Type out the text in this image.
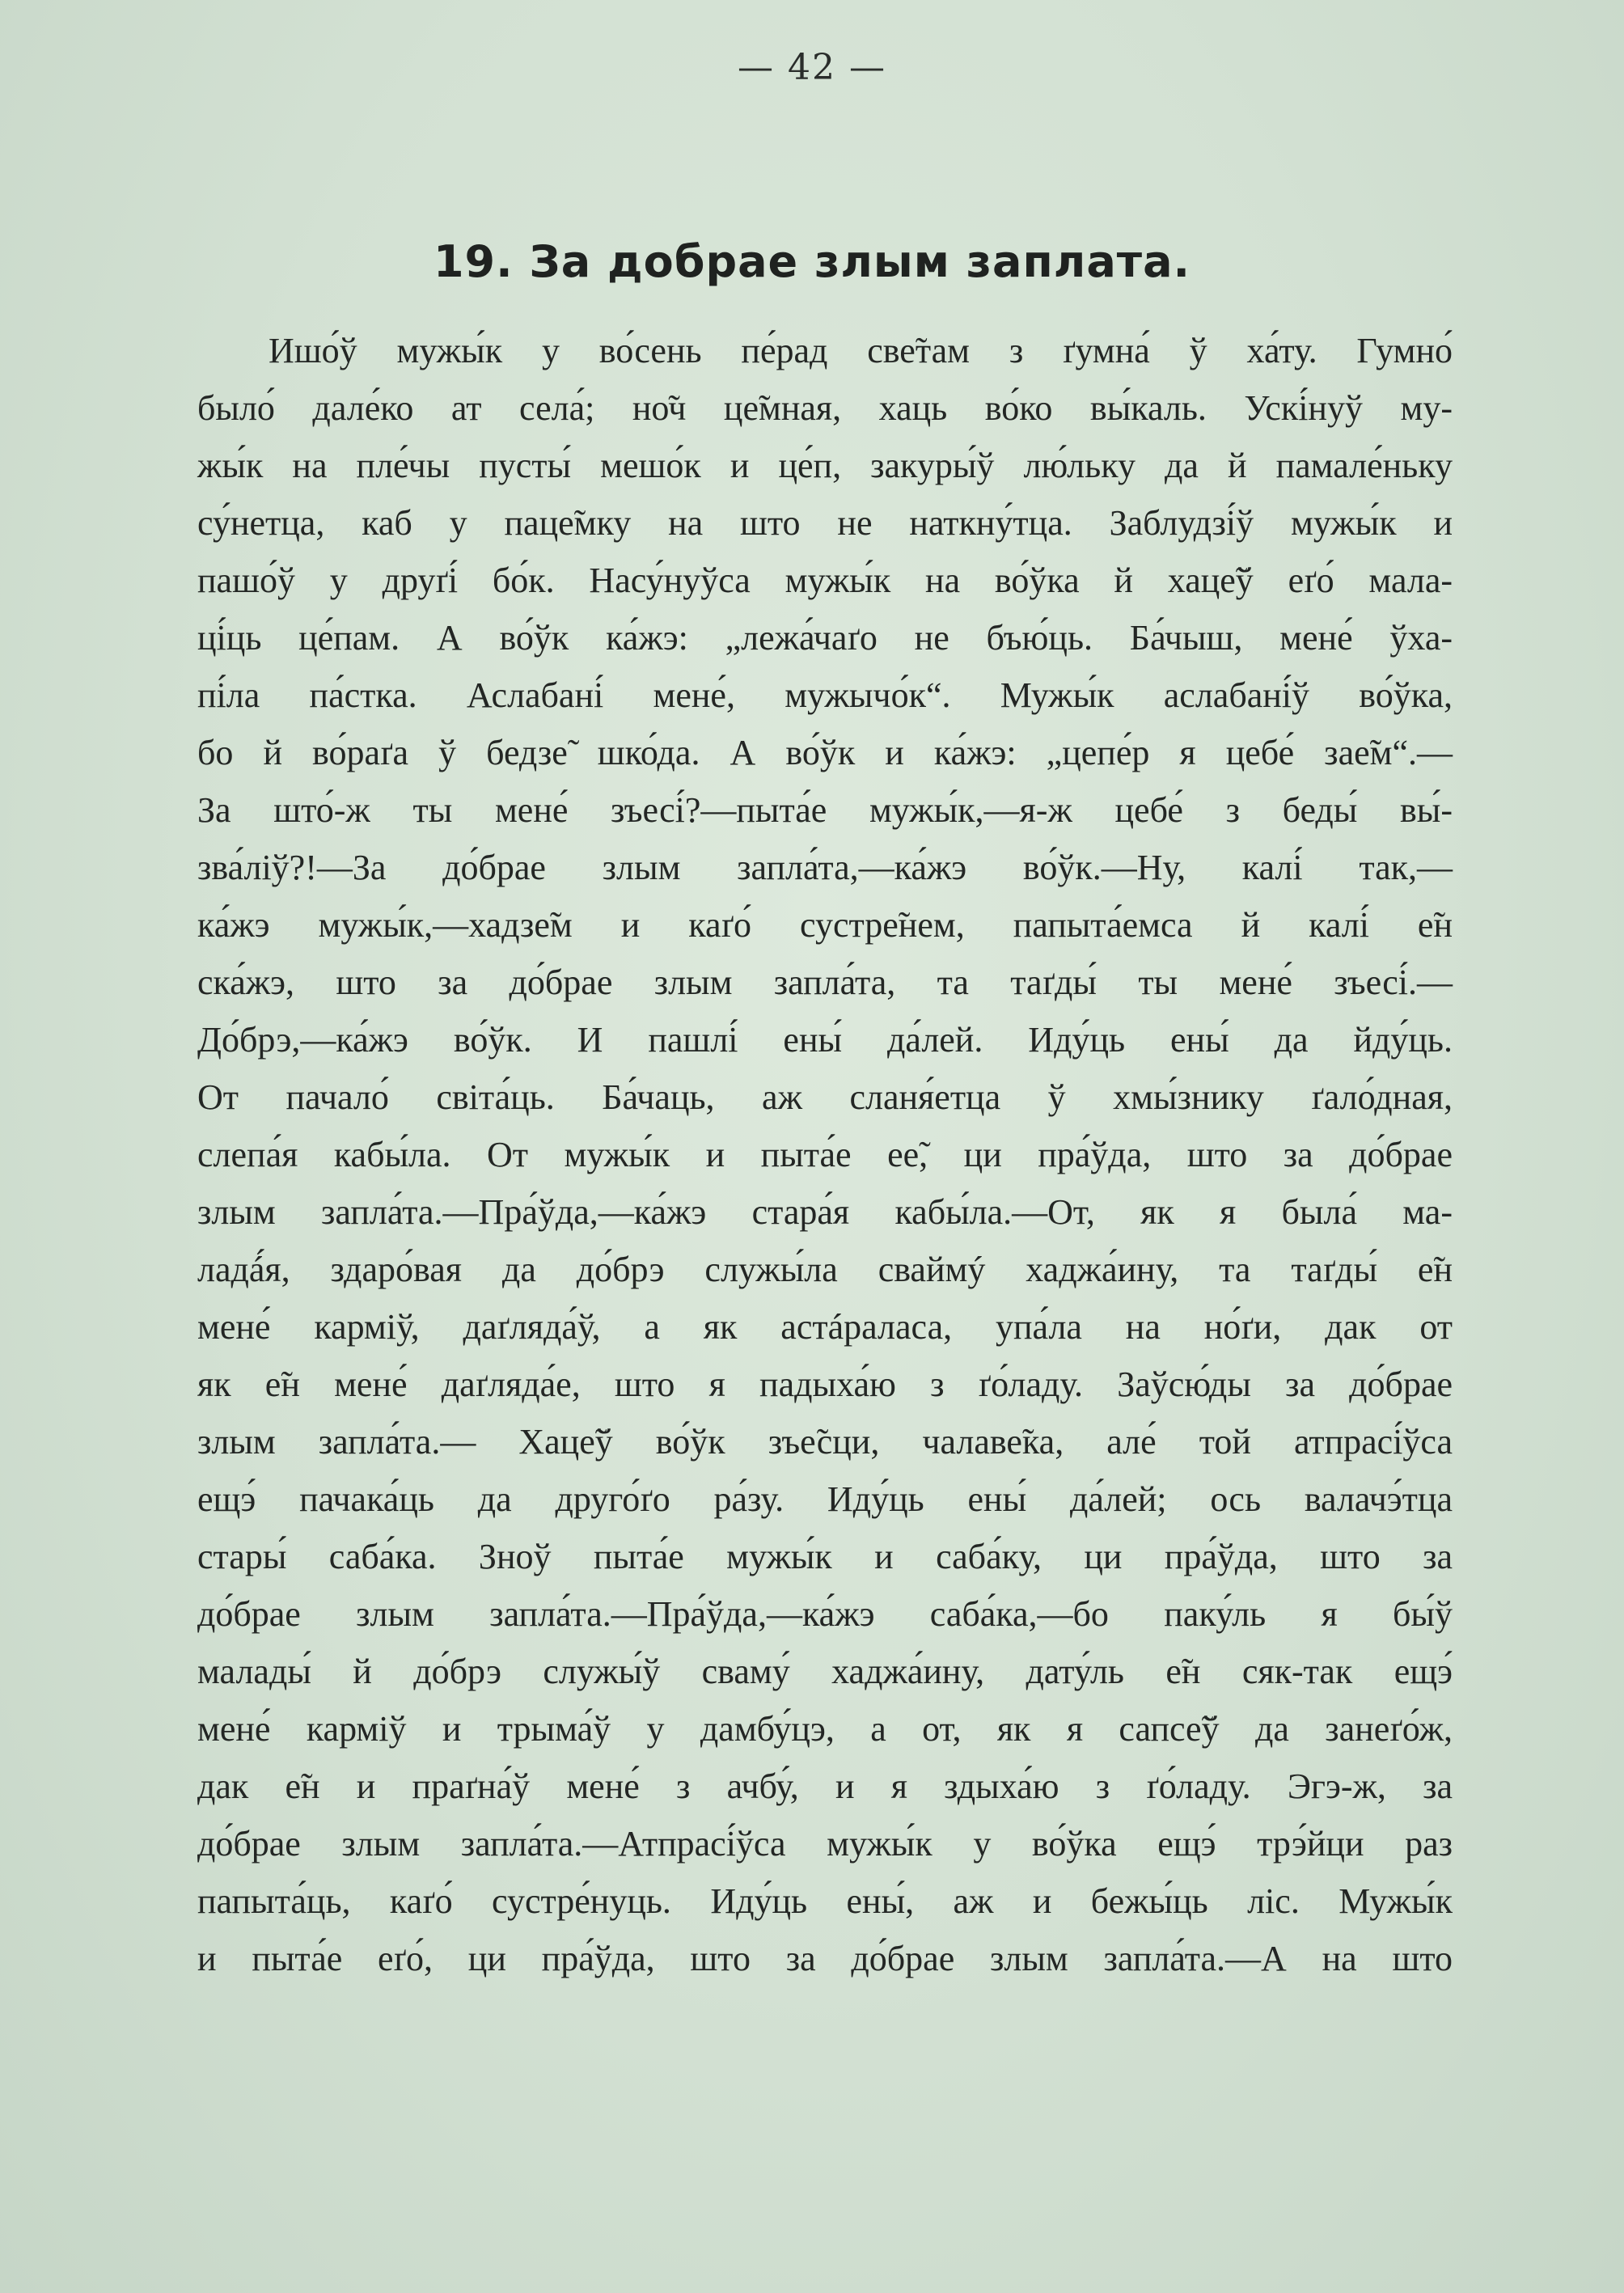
— 42 —
19. За добрае злым заплата.
Ишо́ў мужы́к у во́сень пе́рад све̃там з ґумна́ ў ха́ту. Гумно́
было́ дале́ко ат села́; но̃ч це̃мная, хаць во́ко вы́каль. Ускі́нуў му-
жы́к на пле́чы пусты́ мешо́к и це́п, закуры́ў лю́льку да й памале́ньку
су́нетца, каб у паце̃мку на што не наткну́тца. Заблудзі́ў мужы́к и
пашо́ў у друґі́ бо́к. Насу́нуўса мужы́к на во́ўка й хаце̃ў еґо́ мала-
ці́ць це́пам. А во́ўк ка́жэ: „лежа́чаґо не бъю́ць. Ба́чыш, мене́ ўха-
пі́ла па́стка. Аслабані́ мене́, мужычо́к“. Мужы́к аслабані́ў во́ўка,
бо й во́раґа ў бедзе̃ шко́да. А во́ўк и ка́жэ: „цепе́р я цебе́ зае̃м“.—
За што́-ж ты мене́ зъесі́?—пыта́е мужы́к,—я-ж цебе́ з беды́ вы́-
зва́ліў?!—За до́брае злым запла́та,—ка́жэ во́ўк.—Ну, калі́ так,—
ка́жэ мужы́к,—хадзе̃м и каґо́ сустре̃нем, папыта́емса й калі́ е̃н
ска́жэ, што за до́брае злым запла́та, та таґды́ ты мене́ зъесі́.—
До́брэ,—ка́жэ во́ўк. И пашлі́ ены́ да́лей. Иду́ць ены́ да йду́ць.
От пачало́ світа́ць. Ба́чаць, аж сланя́етца ў хмы́знику ґало́дная,
слепа́я кабы́ла. От мужы́к и пыта́е ее̃, ци пра́ўда, што за до́брае
злым запла́та.—Пра́ўда,—ка́жэ стара́я кабы́ла.—От, як я была́ ма-
ладá́я, здаро́вая да до́брэ служы́ла сваймý хаджа́ину, та таґды́ е̃н
мене́ карміў, даґляда́ў, а як астáраласа, упа́ла на но́ґи, дак от
як е̃н мене́ даґляда́е, што я падыха́ю з ґо́ладу. Заўсю́ды за до́брае
злым запла́та.— Хаце̃ў во́ўк зъе̃сци, чалаве̃ка, але́ той атпрасі́ўса
ещэ́ пачака́ць да друго́ґо ра́зу. Иду́ць ены́ да́лей; ось валачэ́тца
стары́ саба́ка. Зноў пыта́е мужы́к и саба́ку, ци пра́ўда, што за
до́брае злым запла́та.—Пра́ўда,—ка́жэ саба́ка,—бо паку́ль я бы́ў
малады́ й до́брэ служы́ў сваму́ хаджа́ину, дату́ль е̃н сяк-так ещэ́
мене́ карміў и трыма́ў у дамбу́цэ, а от, як я сапсе̃ў да занеґо́ж,
дак е̃н и праґна́ў мене́ з ачбу́, и я здыха́ю з ґо́ладу. Эгэ-ж, за
до́брае злым запла́та.—Атпрасі́ўса мужы́к у во́ўка ещэ́ трэ́йци раз
папыта́ць, каґо́ сустре́нуць. Иду́ць ены́, аж и бежы́ць ліс. Мужы́к
и пыта́е еґо́, ци пра́ўда, што за до́брае злым запла́та.—А на што
